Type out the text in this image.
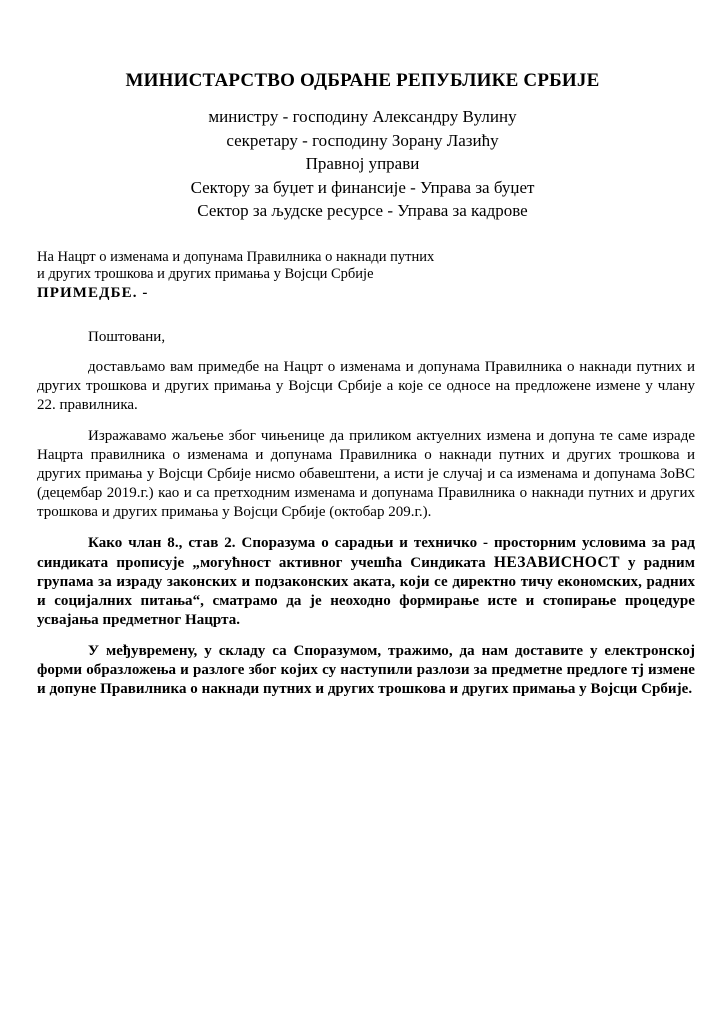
МИНИСТАРСТВО ОДБРАНЕ РЕПУБЛИКЕ СРБИЈЕ
министру - господину Александру Вулину
секретару - господину Зорану Лазићу
Правној управи
Сектору за буџет и финансије - Управа за буџет
Сектор за људске ресурсе - Управа за кадрове
На Нацрт о изменама и допунама Правилника о накнади путних
и других трошкова и других примања у Војсци Србије
ПРИМЕДБЕ. -
Поштовани,

достављамо вам примедбе на Нацрт о изменама и допунама Правилника о накнади путних и других трошкова и других примања у Војсци Србије а које се односе на предложене измене у члану 22. правилника.

Изражавамо жаљење због чињенице да приликом актуелних измена и допуна те саме израде Нацрта правилника о изменама и допунама Правилника о накнади путних и других трошкова и других примања у Војсци Србије нисмо обавештени, а исти је случај и са изменама и допунама ЗоВС (децембар 2019.г.) као и са претходним изменама и допунама Правилника о накнади путних и других трошкова и других примања у Војсци Србије (октобар 209.г.).

Како члан 8., став 2. Споразума о сарадњи и техничко - просторним условима за рад синдиката прописује „могућност активног учешћа Синдиката НЕЗАВИСНОСТ у радним групама за израду законских и подзаконских аката, који се директно тичу економских, радних и социјалних питања“, сматрамо да је неоходно формирање исте и стопирање процедуре усвајања предметног Нацрта.

У међувремену, у складу са Споразумом, тражимо, да нам доставите у електронској форми образложења и разлоге због којих су наступили разлози за предметне предлоге тј измене и допуне Правилника о накнади путних и других трошкова и других примања у Војсци Србије.
